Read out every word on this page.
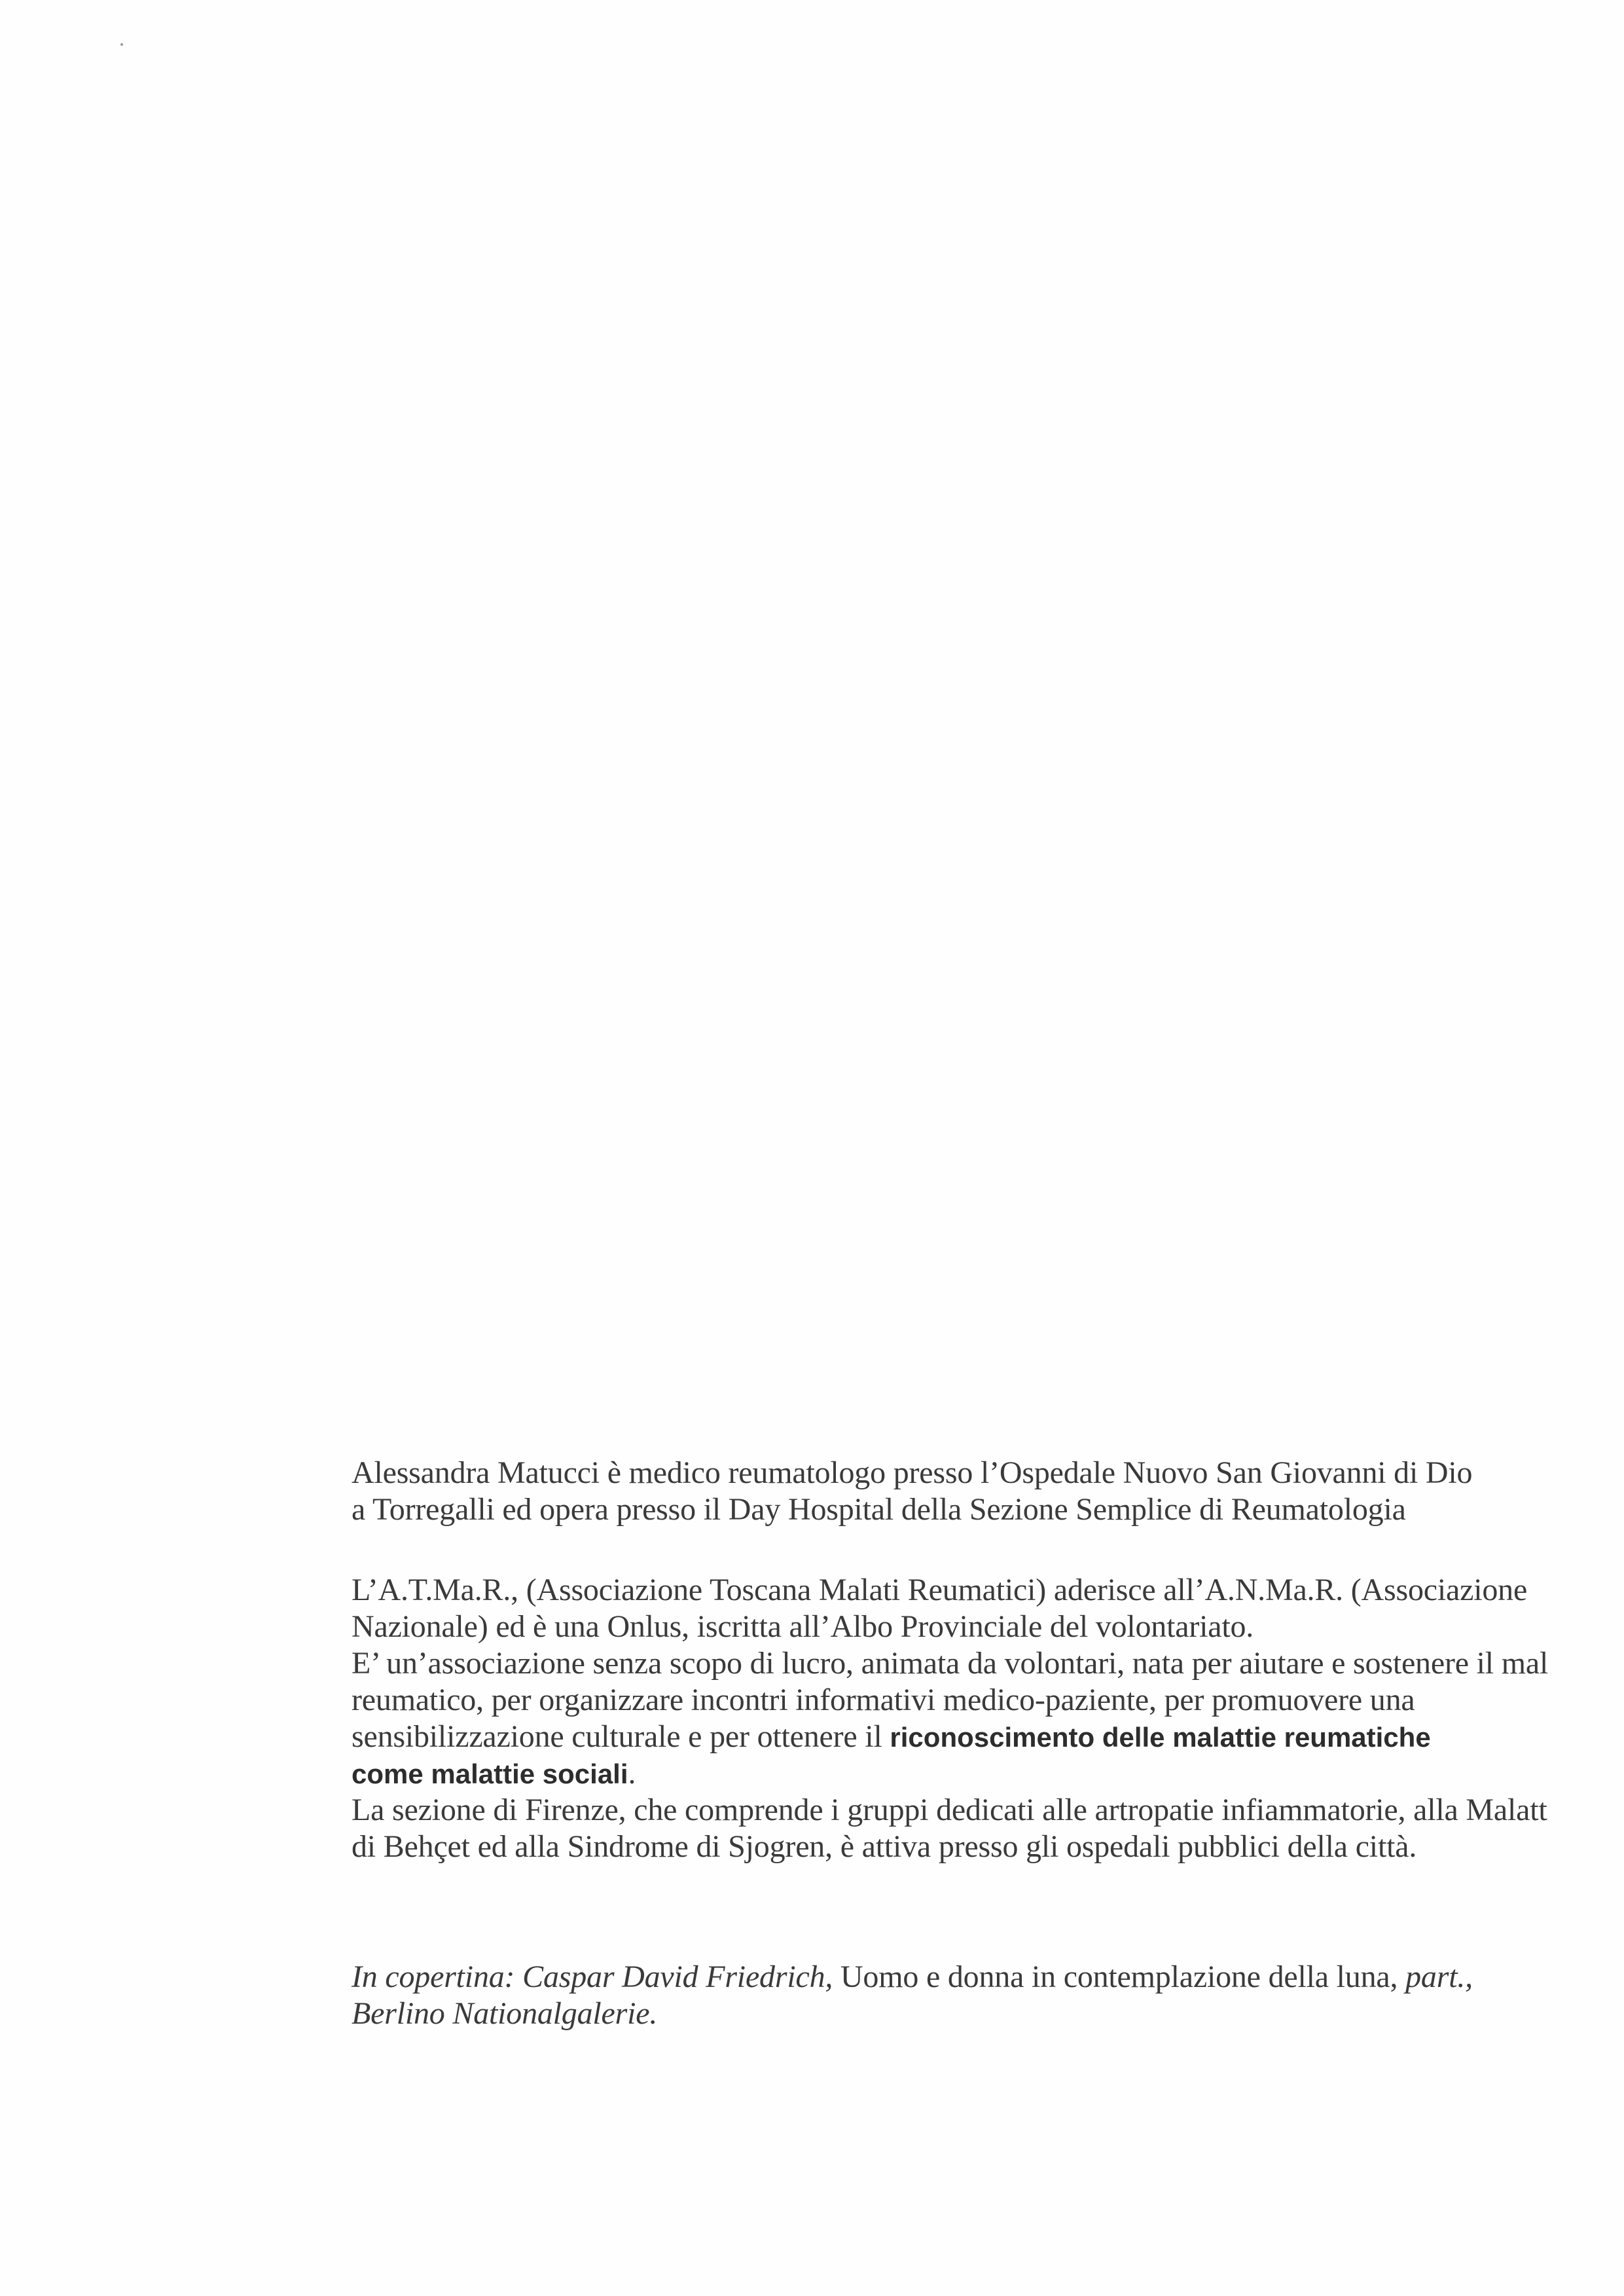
Alessandra Matucci è medico reumatologo presso l’Ospedale Nuovo San Giovanni di Dio
a Torregalli ed opera presso il Day Hospital della Sezione Semplice di Reumatologia
L’A.T.Ma.R., (Associazione Toscana Malati Reumatici) aderisce all’A.N.Ma.R. (Associazione
Nazionale) ed è una Onlus, iscritta all’Albo Provinciale del volontariato.
E’ un’associazione senza scopo di lucro, animata da volontari, nata per aiutare e sostenere il mal
reumatico, per organizzare incontri informativi medico-paziente, per promuovere una
sensibilizzazione culturale e per ottenere il riconoscimento delle malattie reumatiche
come malattie sociali.
La sezione di Firenze, che comprende i gruppi dedicati alle artropatie infiammatorie, alla Malatt
di Behçet ed alla Sindrome di Sjogren, è attiva presso gli ospedali pubblici della città.
In copertina: Caspar David Friedrich, Uomo e donna in contemplazione della luna, part.,
Berlino Nationalgalerie.
